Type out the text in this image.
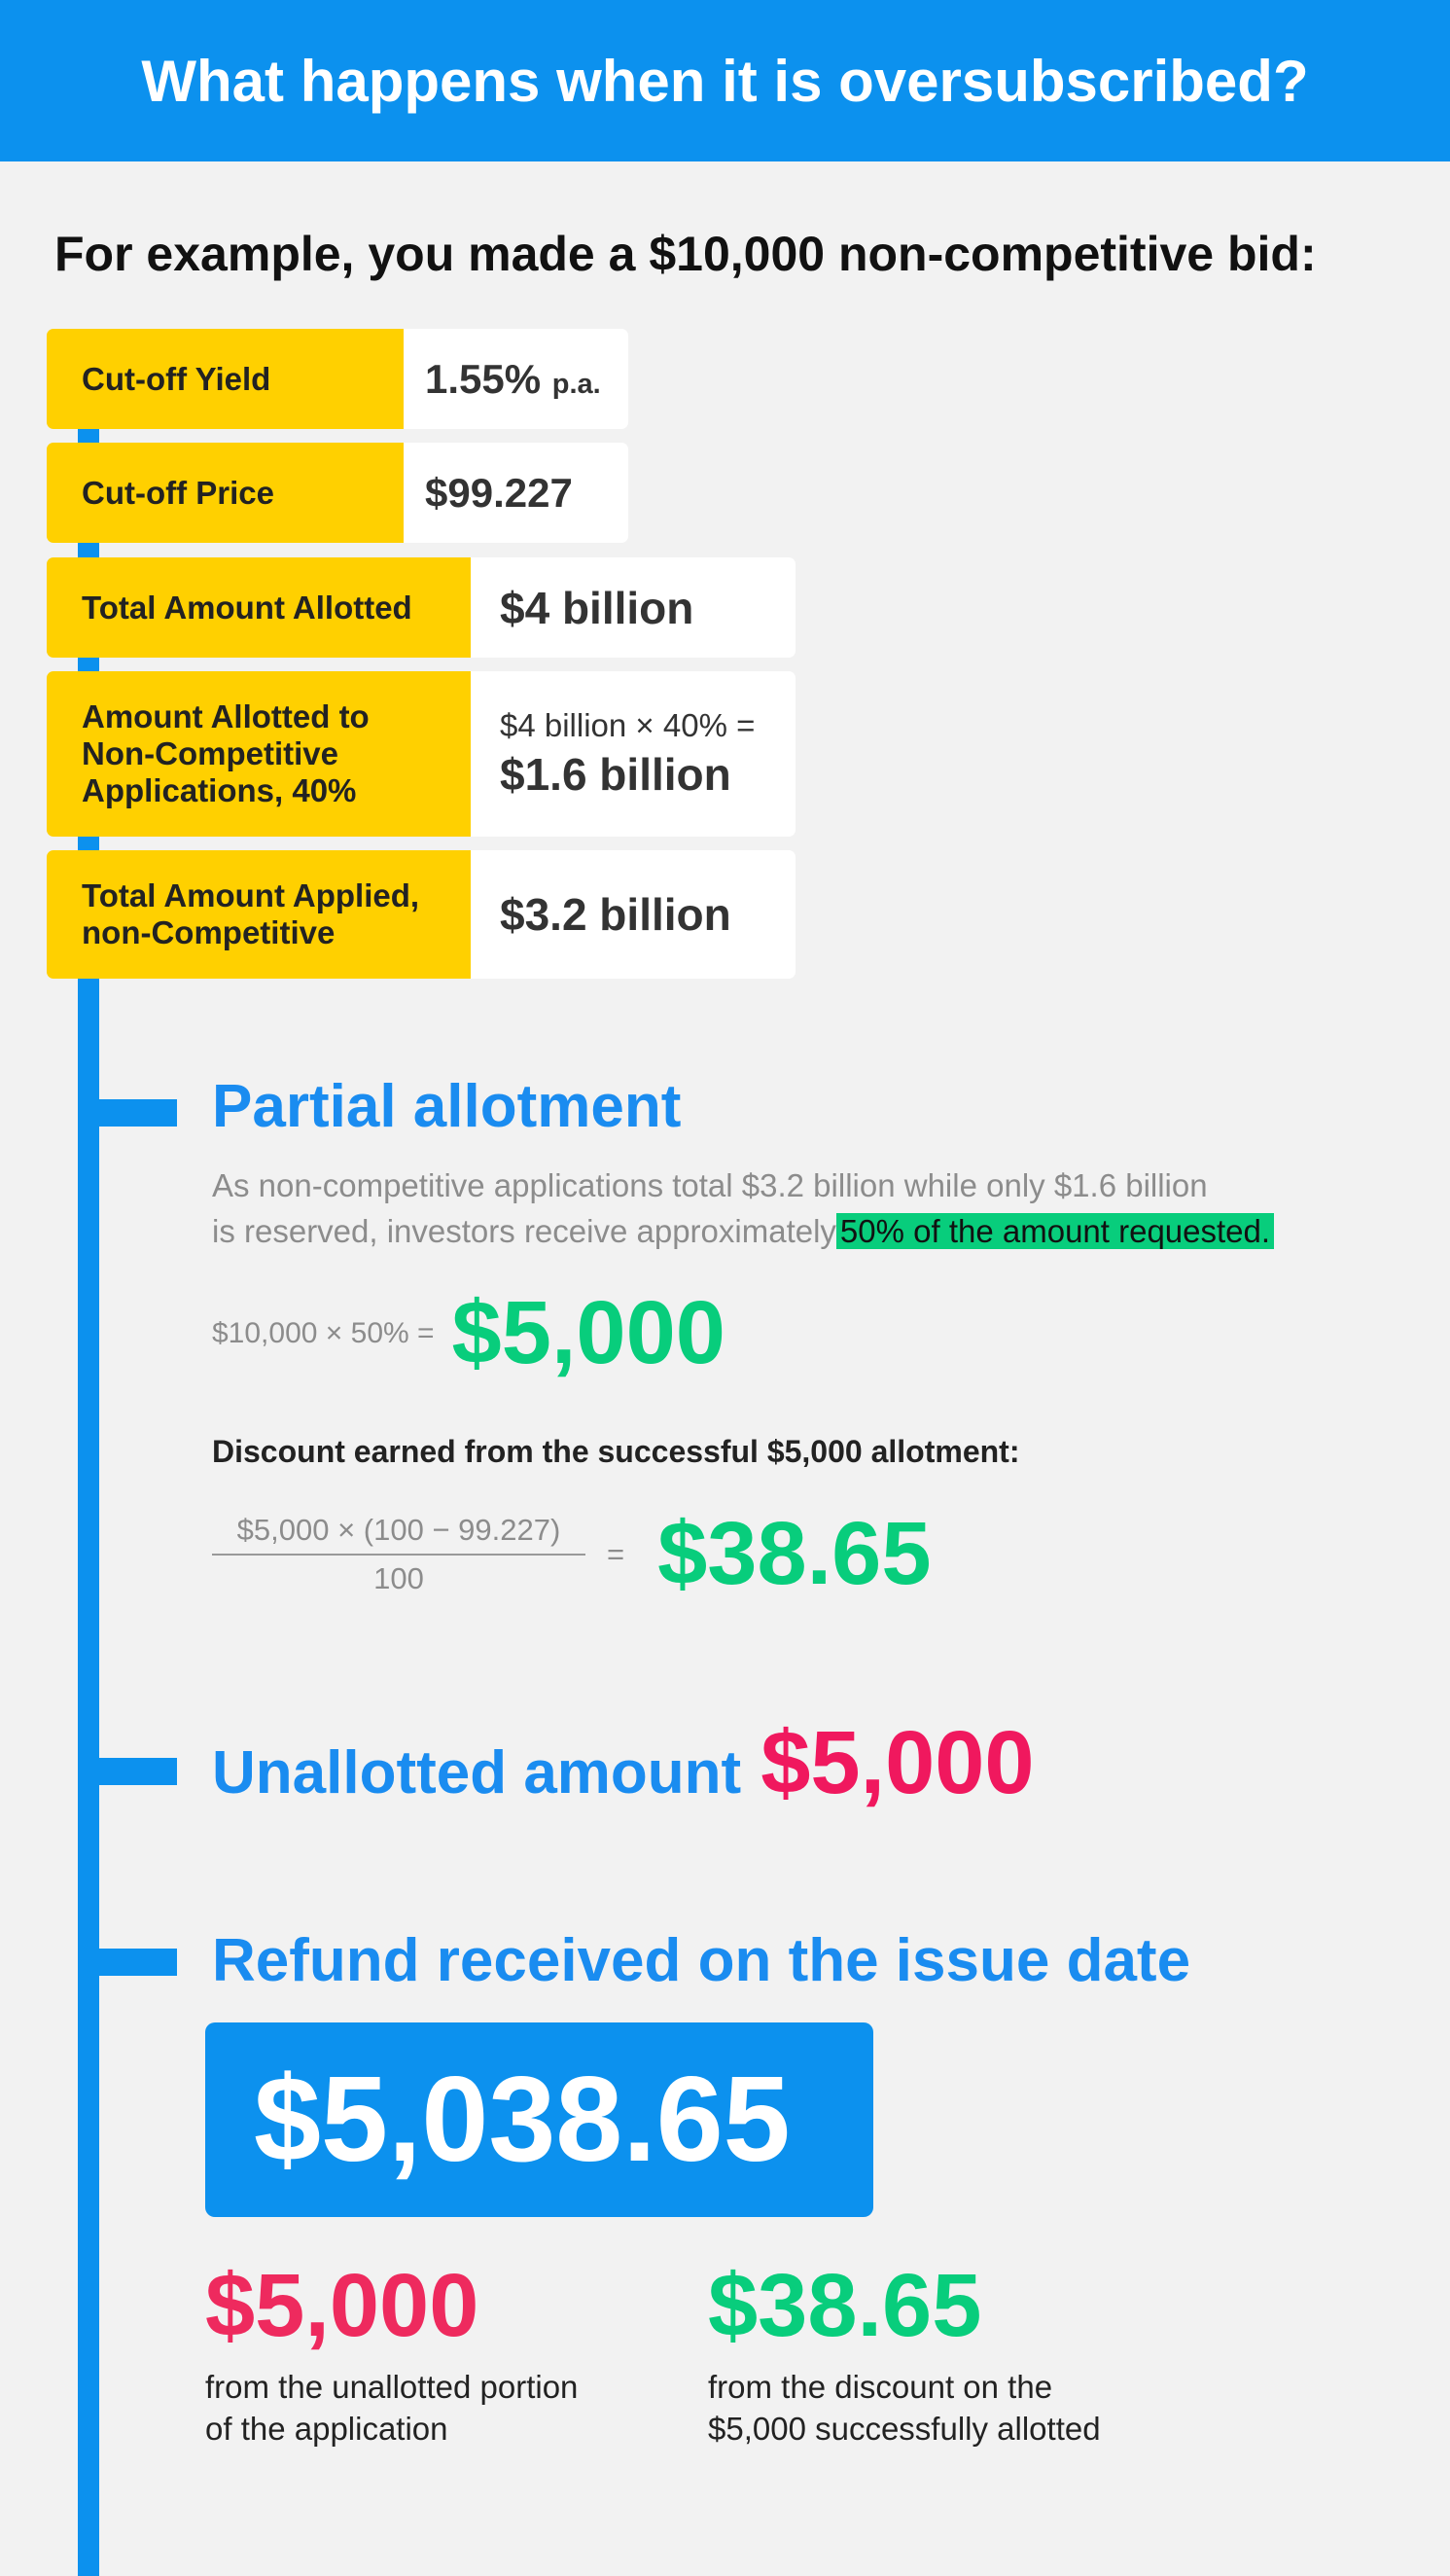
What happens when it is oversubscribed?
For example, you made a $10,000 non-competitive bid:
Cut-off Yield	1.55% p.a.
Cut-off Price	$99.227
Total Amount Allotted	$4 billion
Amount Allotted to Non-Competitive Applications, 40%
$4 billion × 40% =
$1.6 billion
Total Amount Applied, non-Competitive	$3.2 billion
Partial allotment
As non-competitive applications total $3.2 billion while only $1.6 billion
is reserved, investors receive approximately 50% of the amount requested.
$10,000 × 50% = $5,000
Discount earned from the successful $5,000 allotment:
$\frac{\$5,000 \times (100 - 99.227)}{100}$ = $38.65
Unallotted amount $5,000
Refund received on the issue date
$5,038.65
$5,000
from the unallotted portion
of the application
$38.65
from the discount on the
$5,000 successfully allotted
